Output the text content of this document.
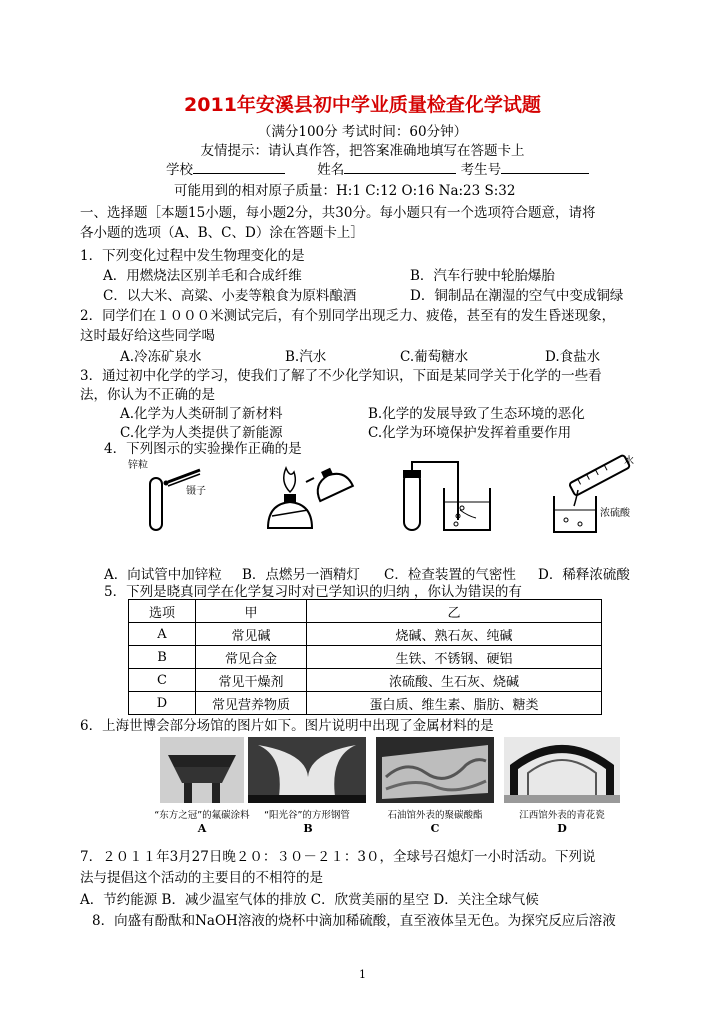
2011年安溪县初中学业质量检查化学试题
（满分100分 考试时间：60分钟）
友情提示：请认真作答，把答案准确地填写在答题卡上
学校	姓名	考生号
可能用到的相对原子质量：H:1 C:12 O:16 Na:23 S:32
一、选择题［本题15小题，每小题2分，共30分。每小题只有一个选项符合题意，请将
各小题的选项（A、B、C、D）涂在答题卡上］
1．下列变化过程中发生物理变化的是
A．用燃烧法区别羊毛和合成纤维	B．汽车行驶中轮胎爆胎
C．以大米、高粱、小麦等粮食为原料酿酒	D．铜制品在潮湿的空气中变成铜绿
2．同学们在１０００米测试完后，有个别同学出现乏力、疲倦，甚至有的发生昏迷现象，
这时最好给这些同学喝
A.冷冻矿泉水	B.汽水	C.葡萄糖水	D.食盐水
3．通过初中化学的学习，使我们了解了不少化学知识，下面是某同学关于化学的一些看
法，你认为不正确的是
A.化学为人类研制了新材料	B.化学的发展导致了生态环境的恶化
C.化学为人类提供了新能源	C.化学为环境保护发挥着重要作用
4．下列图示的实验操作正确的是
锌粒
镊子
水
浓硫酸
A．向试管中加锌粒 B．点燃另一酒精灯 C．检查装置的气密性 D．稀释浓硫酸
5．下列是晓真同学在化学复习时对已学知识的归纳 ，你认为错误的有
选项	甲	乙
A	常见碱	烧碱、熟石灰、纯碱
B	常见合金	生铁、不锈钢、硬铝
C	常见干燥剂	浓硫酸、生石灰、烧碱
D	常见营养物质	蛋白质、维生素、脂肪、糖类
6．上海世博会部分场馆的图片如下。图片说明中出现了金属材料的是
“东方之冠”的氟碳涂料
A
“阳光谷”的方形钢管
B
石油馆外表的聚碳酸酯
C
江西馆外表的青花瓷
D
7．２０１１年3月27日晚２０：３０－２１：3０，全球号召熄灯一小时活动。下列说
法与提倡这个活动的主要目的不相符的是
A．节约能源 B．减少温室气体的排放 C．欣赏美丽的星空 D．关注全球气候
8．向盛有酚酞和NaOH溶液的烧杯中滴加稀硫酸，直至液体呈无色。为探究反应后溶液
1
